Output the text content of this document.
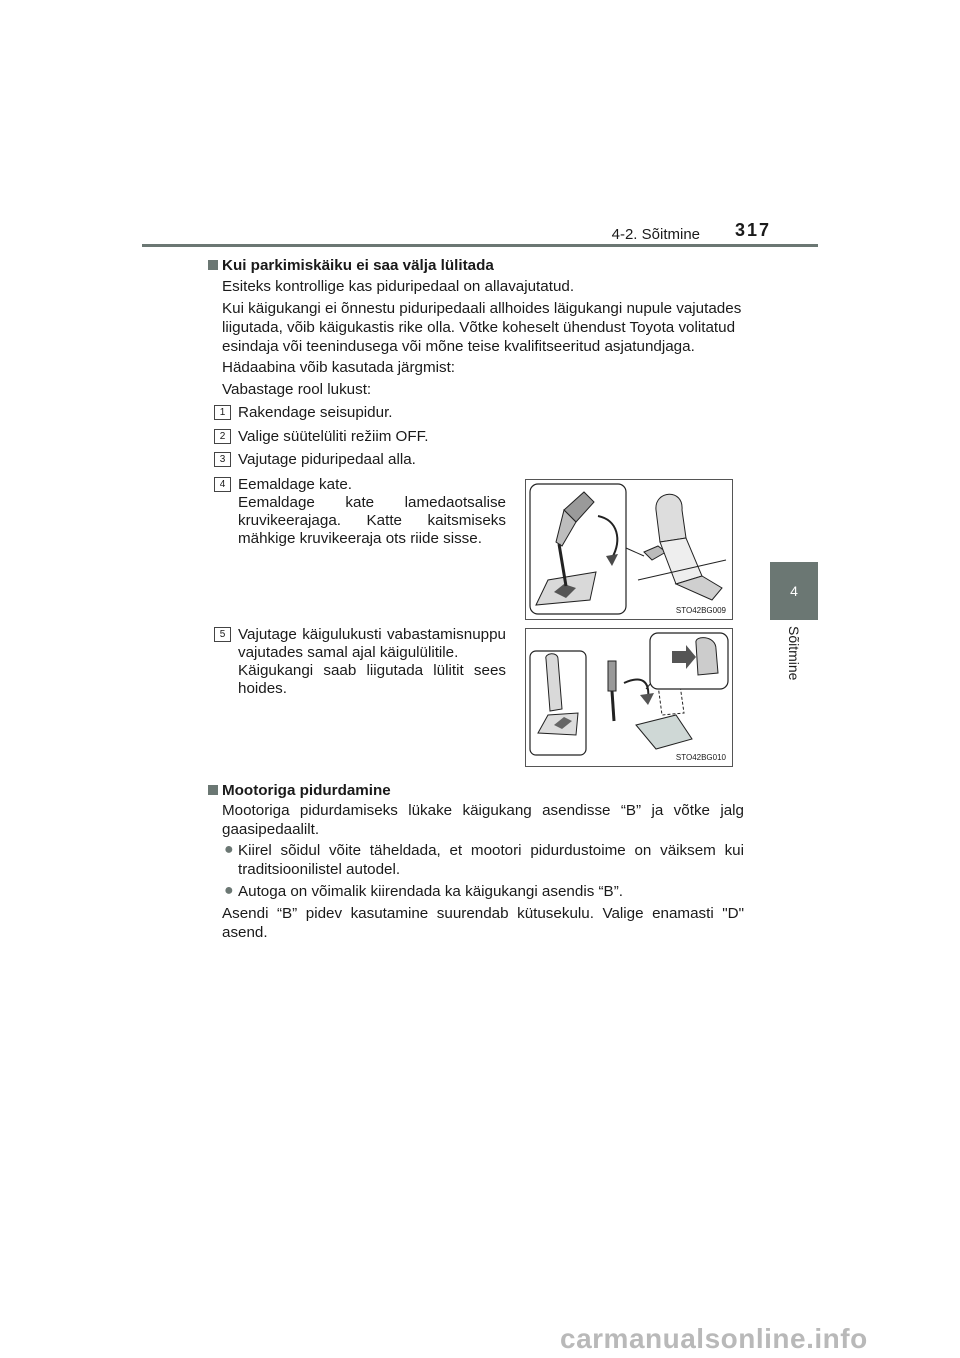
4-2. Sõitmine 317
4
Sõitmine
Kui parkimiskäiku ei saa välja lülitada
Esiteks kontrollige kas piduripedaal on allavajutatud.
Kui käigukangi ei õnnestu piduripedaali allhoides läigukangi nupule vajutades
liigutada, võib käigukastis rike olla. Võtke koheselt ühendust Toyota volitatud
esindaja või teenindusega või mõne teise kvalifitseeritud asjatundjaga.
Hädaabina võib kasutada järgmist:
Vabastage rool lukust:
1 Rakendage seisupidur.
2 Valige süütelüliti režiim OFF.
3 Vajutage piduripedaal alla.
4 Eemaldage kate.
Eemaldage kate lamedaotsalise
kruvikeerajaga. Katte kaitsmiseks
mähkige kruvikeeraja ots riide sisse.
STO42BG009
5 Vajutage käigulukusti vabastamisnuppu
vajutades samal ajal käigulülitile.
Käigukangi saab liigutada lülitit sees
hoides.
STO42BG010
Mootoriga pidurdamine
Mootoriga pidurdamiseks lükake käigukang asendisse “B” ja võtke jalg
gaasipedaalilt.
● Kiirel sõidul võite täheldada, et mootori pidurdustoime on väiksem kui
traditsioonilistel autodel.
● Autoga on võimalik kiirendada ka käigukangi asendis “B”.
Asendi “B” pidev kasutamine suurendab kütusekulu. Valige enamasti "D"
asend.
carmanualsonline.info
